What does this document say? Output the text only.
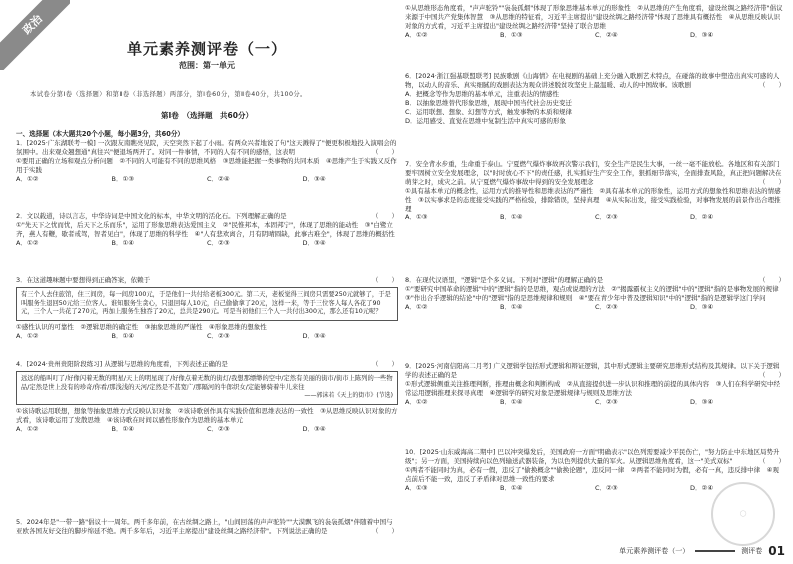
政治
单元素养测评卷（一）
范围：第一单元
本试卷分第Ⅰ卷（选择题）和第Ⅱ卷（非选择题）两部分，第Ⅰ卷60分，第Ⅱ卷40分，共100分。
第Ⅰ卷　（选择题　共60分）
一、选择题（本大题共20个小题，每小题3分，共60分）

1．[2025·广东湖联考一模] 一次跟友南瞧亮见院，天空突然下起了小雨。有两众兴者地说了句"这天溅得了"便更积极地投入演唱会的氛围中。出来观众翘想通"真往兴"便退场两开了。对同一件事情，不同的人有不同的感悟，这表明	（　　）

①要用正确的立场和观点分析问题　②不同的人可能有不同的思维风格　③思维能把握一类事物的共同本质　④思维产生于实践又反作用于实践

A．①②	B．①③	C．②④	D．③④

2．文以载道，诗以言志，中华诗词是中国文化的标本，中华文明的活化石。下列理解正确的是	（　　）

①"先天下之忧而忧，后天下之乐而乐"，运用了形象思维表达爱国主义　②"民惟邦本，本固邦宁"，体现了思维的能动性　③"白鹭立齐，燕人有鞭，歇者戒驾，智者见白"，体现了思维的科学性　④"人有悲欢离合，月有阴晴圆缺，此事古难全"，体现了思维的概括性

A．①②	B．①④	C．②③	D．③④

3．在这道趣味题中要想得到正确答案，依赖于	（　　）

有三个人去住旅馆，住三间房，每一间房100元，于是他们一共付给老板300元。第二天，老板觉得三间房只需要250元就够了，于是叫服务生退回50元给三位客人。谁知服务生贪心，只退回每人10元，自己偷偷拿了20元，这样一来，等于三位客人每人各花了90元，三个人一共花了270元，再加上服务生独吞了20元，总共是290元。可是当初他们三个人一共付出300元，那么还有10元呢？

①感性认识的可靠性　②逻辑思维的确定性　③抽象思维的严谨性　④形象思维的想象性

A．①②	B．①④	C．②③	D．③④

4．[2024·贵州贵阳阶段练习] 从逻辑与思维的角度看，下列表述正确的是	（　　）

远远的船叫叮了/好像闪着无数的明星/天上的明星现了/好像点着无数的街灯/我想那缥缈的空中/定然有美丽的街市/街市上陈列的一些物品/定然是世上没有的珍奇/你看/那浅浅的天河/定然是不甚宽广/那隔河的牛郎织女/定能够骑着牛儿来往
——郭沫若《天上的街市》(节选)

①该诗歌运用联想，想象等抽象思维方式反映认识对象　②该诗歌创作具有实践价值和思维表达的一致性　③从思维反映认识对象的方式看，该诗歌运用了发散思维　④该诗歌在时间以感性形象作为思维的基本单元

A．①②	B．①④	C．②③	D．③④

5．2024年是"一带一路"倡议十一周年。两千多年前，在古丝绸之路上，"山间回荡的声声驼铃""大漠飘飞的袅袅孤烟"伴随着中国与亚欧各国友好交往的脚步绵延不绝。两千多年后，习近平主席提出"建设丝绸之路经济带"。下列说法正确的是	（　　）

①从思维形态角度看，"声声驼铃""袅袅孤烟"体现了形象思维基本单元的形象性　②从思维的产生角度看，建设丝绸之路经济带"倡议来源于中国共产党集体智慧　③从思维的特征看，习近平主席提出"建设丝绸之路经济带"体现了思维具有概括性　④从思维反映认识对象的方式看，习近平主席提出"建设丝绸之路经济带"坚持了联合思维

A．①②	B．①③	C．②④	D．③④

6．[2024·浙江强基联盟联考] 民族歌剧《山海情》在电视剧的基础上充分融入歌剧艺术特点，在碰落的故事中塑造出真实可感的人物，以动人的音乐、真实细腻的戏剧表达为观众讲述脱贫攻坚史上最温暖、动人的中国故事。该歌剧	（　　）

A．把概念等作为思维的基本单元，注重表达的情感性

B．以抽象思维替代形象思维，展现中国当代社会历史变迁

C．运用联想、想象、幻想等方式，触发事物的本质和规律

D．运用感受、直觉在思维中复制生活中真实可感的形象

7．安全背水步重，生命重于泰山。宁夏燃气爆炸事故再次警示我们，安全生产是民生大事，一丝一毫不能放松。各地区和有关部门要牢固树立安全发展理念，以"时时放心不下"的责任感，扎实抓好生产安全工作，狠抓细节落实，全面排查风险，真正把问题解决在萌芽之时，成灾之前。从宁夏燃气爆炸事故中得到的安全发展理念	（　　）

①具有基本单元的概念性，运用方式的推导性和思维表达的严谨性　②具有基本单元的形象性，运用方式的想象性和思维表达的情感性　③以实事求是的态度接受实践的严格检验，排除错误，坚持真理　④从实际出发，接受实践检验，对事物发展的前景作出合理推理

A．①③	B．①④	C．②③	D．②④

8．在现代汉语里，"逻辑"是个多义词。下列对"逻辑"的理解正确的是	（　　）

①"要研究中国革命的逻辑"中的"逻辑"指的是思维，观点或说理的方法　②"揭露霸权主义的逻辑"中的"逻辑"指的是事物发展的规律　③"作出合乎逻辑的结论"中的"逻辑"指的是思维规律和规则　④"要在青少年中普及逻辑知识"中的"逻辑"指的是逻辑学这门学问

A．①②	B．①④	C．②③	D．③④

9．[2025·河南信阳高二月考] 广义逻辑学包括形式逻辑和辩证逻辑，其中形式逻辑主要研究思维形式结构及其规律。以下关于逻辑学的表述正确的是	（　　）

①形式逻辑侧重关注推理判断，推理由概念和判断构成　②从直接提供进一步认识和推理的前提的具体内容　③人们在科学研究中经常运用逻辑推理来探寻真理　④逻辑学的研究对象是逻辑规律与规则及思维方法

A．①②	B．①④	C．②③	D．③④

10．[2025·山东威海高二期中] 巴以冲突爆发后，美国政府一方面"明确表示"以色列需要减少平民伤亡，"努力防止中东地区局势升级"；另一方面，美国持续向以色列输送武器装备，为以色列提供大量的军火。从逻辑思维角度看，这一"美式双标"	（　　）

①两者不能同时为真，必有一假，违反了"偷换概念""偷换论题"，违反同一律　②两者不能同时为假，必有一真，违反排中律　④观点前后不能一致，违反了矛盾律对思维一致性的要求

A．①③	B．①④	C．②③	D．②④
◯
单元素养测评卷（一）	测评卷 01
